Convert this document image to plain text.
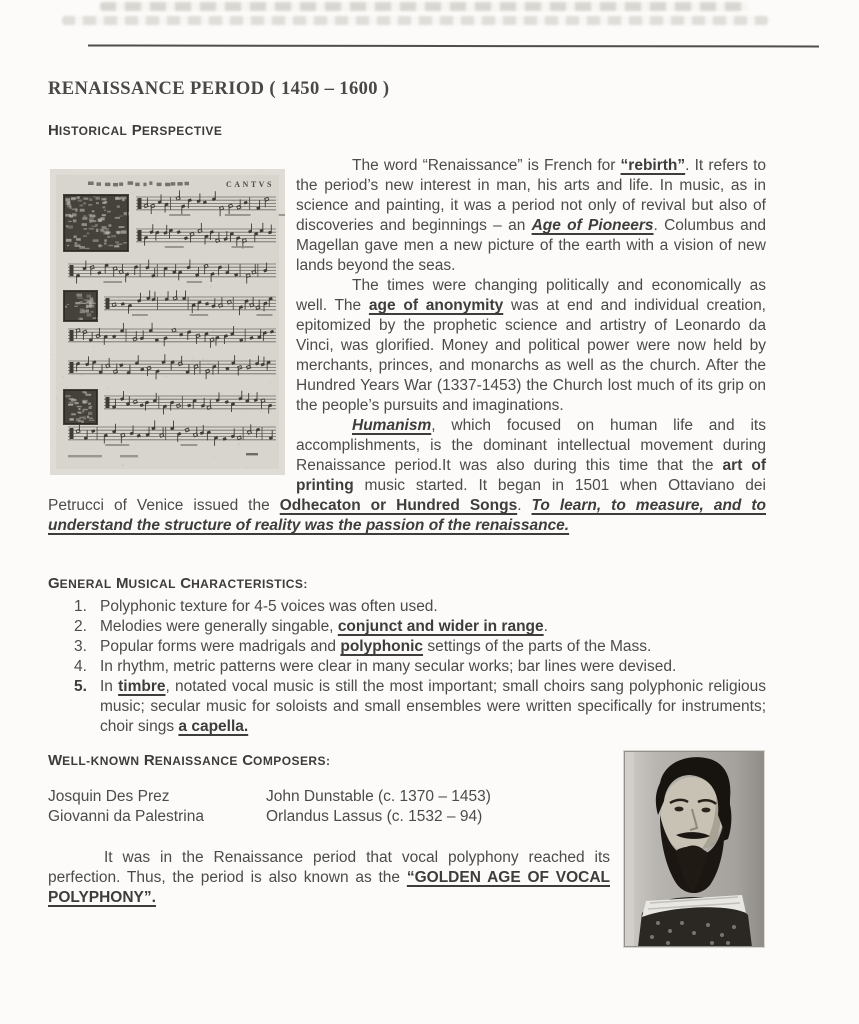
RENAISSANCE PERIOD ( 1450 – 1600 )
HISTORICAL PERSPECTIVE
CANTVS

The word “Renaissance” is French for “rebirth”. It refers to the period’s new interest in man, his arts and life. In music, as in science and painting, it was a period not only of revival but also of discoveries and beginnings – an Age of Pioneers. Columbus and Magellan gave men a new picture of the earth with a vision of new lands beyond the seas.

The times were changing politically and economically as well. The age of anonymity was at end and individual creation, epitomized by the prophetic science and artistry of Leonardo da Vinci, was glorified. Money and political power were now held by merchants, princes, and monarchs as well as the church. After the Hundred Years War (1337-1453) the Church lost much of its grip on the people’s pursuits and imaginations.

Humanism, which focused on human life and its accomplishments, is the dominant intellectual movement during Renaissance period.It was also during this time that the art of printing music started. It began in 1501 when Ottaviano dei Petrucci of Venice issued the Odhecaton or Hundred Songs. To learn, to measure, and to understand the structure of reality was the passion of the renaissance.

GENERAL MUSICAL CHARACTERISTICS:
1. Polyphonic texture for 4-5 voices was often used.
2. Melodies were generally singable, conjunct and wider in range.
3. Popular forms were madrigals and polyphonic settings of the parts of the Mass.
4. In rhythm, metric patterns were clear in many secular works; bar lines were devised.
5. In timbre, notated vocal music is still the most important; small choirs sang polyphonic religious music; secular music for soloists and small ensembles were written specifically for instruments; choir sings a capella.
WELL-KNOWN RENAISSANCE COMPOSERS:
Josquin Des Prez	John Dunstable (c. 1370 – 1453)
Giovanni da Palestrina	Orlandus Lassus (c. 1532 – 94)

It was in the Renaissance period that vocal polyphony reached its perfection. Thus, the period is also known as the “GOLDEN AGE OF VOCAL POLYPHONY”.
